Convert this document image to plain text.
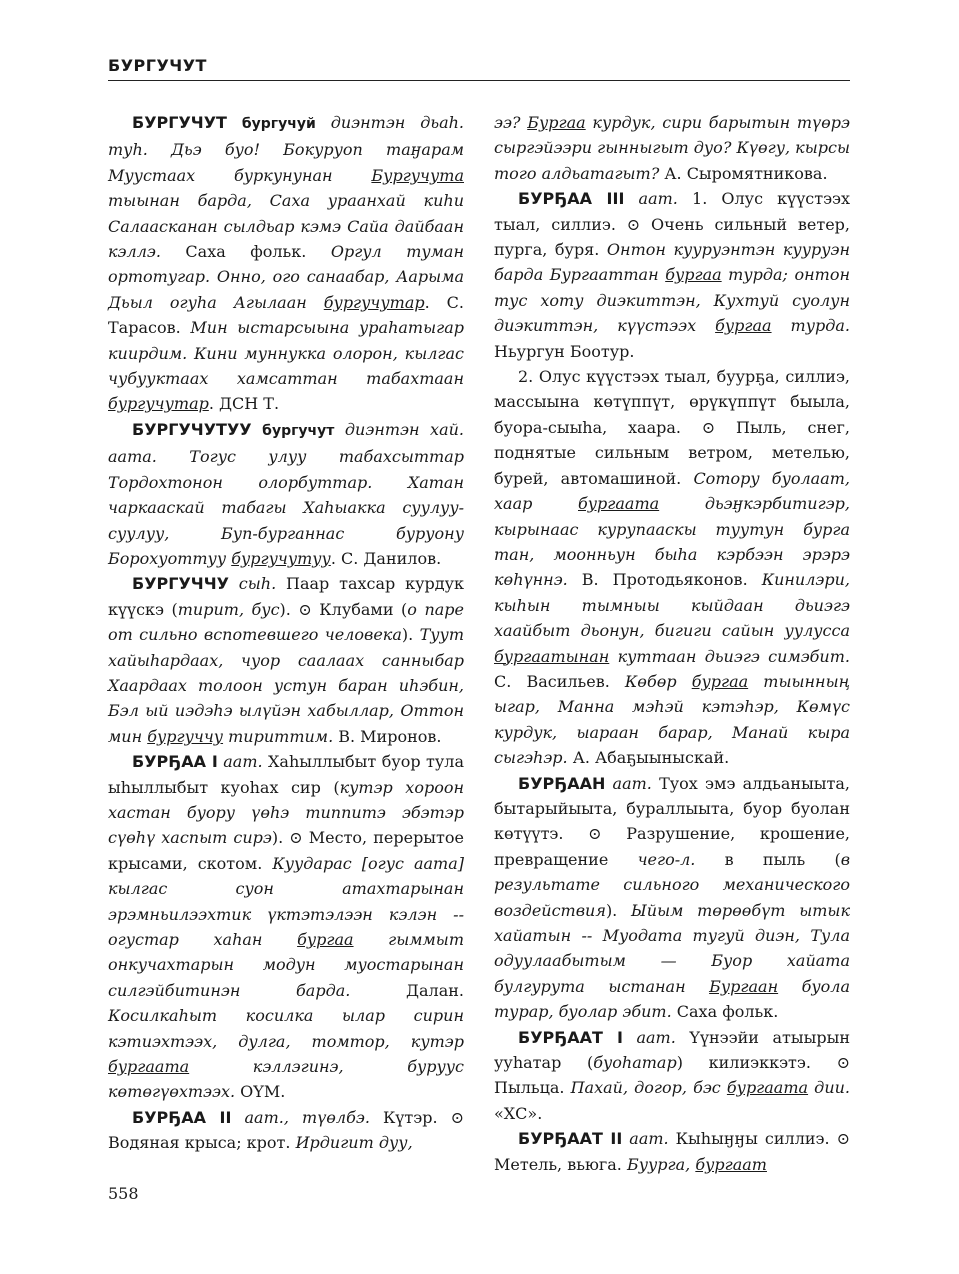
БУРГУЧУТ

БУРГУЧУТ бургучуй диэнтэн дьаһ. туһ. Дьэ буо! Бокуруоп таӈарам Муустаах буркунунан Бургучута тыынан барда, Саха ураанхай киһи Салаасканан сылдьар кэмэ Сайа дайбаан кэллэ. Саха фольк. Оргул туман ортотугар. Онно, ого санаабар, Аарыма Дьыл огуһа Агылаан бургучутар. С. Тарасов. Мин ыстарсыына ураһатыгар киирдим. Кини муннукка олорон, кылгас чубууктаах хамсаттан табахтаан бургучутар. ДСН Т.

БУРГУЧУТУУ бургучут диэнтэн хай. аата. Тогус улуу табахсыттар Тордохтонон олорбуттар. Хатан чаркааскай табагы Хаһыакка суулуу-суулуу, Буп-бурганнас буруону Борохуоттуу бургучутуу. С. Данилов.

БУРГУЧЧУ сыһ. Паар тахсар курдук күүскэ (тирит, бус). ⊙ Клубами (о паре от сильно вспотевшего человека). Туут хайыһардаах, чуор саалаах санныбар Хаардаах толоон устун баран иһэбин, Бэл ый иэдэһэ ылүйэн хабыллар, Оттон мин бургуччу тириттим. В. Миронов.

БУРҔАА I аат. Хаһыллыбыт буор тула ыһыллыбыт куоһах сир (кутэр хороон хастан буору үөһэ типпитэ эбэтэр сүөһү хаспыт сирэ). ⊙ Место, перерытое крысами, скотом. Куударас [огус аата] кылгас суон атахтарынан эрэмньилээхтик үктэтэлээн кэлэн -- огустар хаһан бургаа гыммыт онкучахтарын модун муостарынан силгэйбитинэн барда. Далан. Косилкаһыт косилка ылар сирин кэтиэхтээх, дулга, томтор, кутэр бургаата кэллэгинэ, буруус көтөгүөхтээх. ОҮМ.

БУРҔАА II аат., түөлбэ. Күтэр. ⊙ Водяная крыса; крот. Ирдигит дуу,

ээ? Бургаа курдук, сири барытын түөрэ сыргэйээри гынныгыт дуо? Күөгу, кырсы того алдьатагыт? А. Сыромятникова.

БУРҔАА III аат. 1. Олус күүстээх тыал, силлиэ. ⊙ Очень сильный ветер, пурга, буря. Онтон кууруэнтэн кууруэн барда Бургааттан бургаа турда; онтон тус хоту диэкиттэн, Кухтуй суолун диэкиттэн, күүстээх бургаа турда. Ньургун Боотур.

2. Олус күүстээх тыал, буурҕа, силлиэ, массыына көтүппүт, өрүкүппүт быыла, буора-сыыһа, хаара. ⊙ Пыль, снег, поднятые сильным ветром, метелью, бурей, автомашиной. Сотору буолаат, хаар бургаата дьэӈкэрбитигэр, кырынаас курупааскы туутун бурга тан, моонньун быһа кэрбээн эрэрэ көһүннэ. В. Протодьяконов. Кинилэри, кыһын тымныы кыйдаан дьиэгэ хаайбыт дьонун, бигиги сайын уулусса бургаатынан куттаан дьиэгэ симэбит. С. Васильев. Көбөр бургаа тыынның ыгар, Манна мэһэй кэтэһэр, Көмүс курдук, ыараан барар, Манай кыра сыгэһэр. А. Абаҕыыныскай.

БУРҔААН аат. Туох эмэ алдьаныыта, бытарыйыыта, бураллыыта, буор буолан көтүүтэ. ⊙ Разрушение, крошение, превращение чего-л. в пыль (в результате сильного механического воздействия). Ыйым төрөөбүт ытык хайатын -- Муодата тугуй диэн, Тула одуулаабытым — Буор хайата булгурута ыстанан Бургаан буола турар, буолар эбит. Саха фольк.

БУРҔААТ I аат. Үүнээйи атыырын ууһатар (буоһатар) килиэккэтэ. ⊙ Пыльца. Пахай, догор, бэс бургаата дии. «ХС».

БУРҔААТ II аат. Кыһыӈӈы силлиэ. ⊙ Метель, вьюга. Буурга, бургаат

558
